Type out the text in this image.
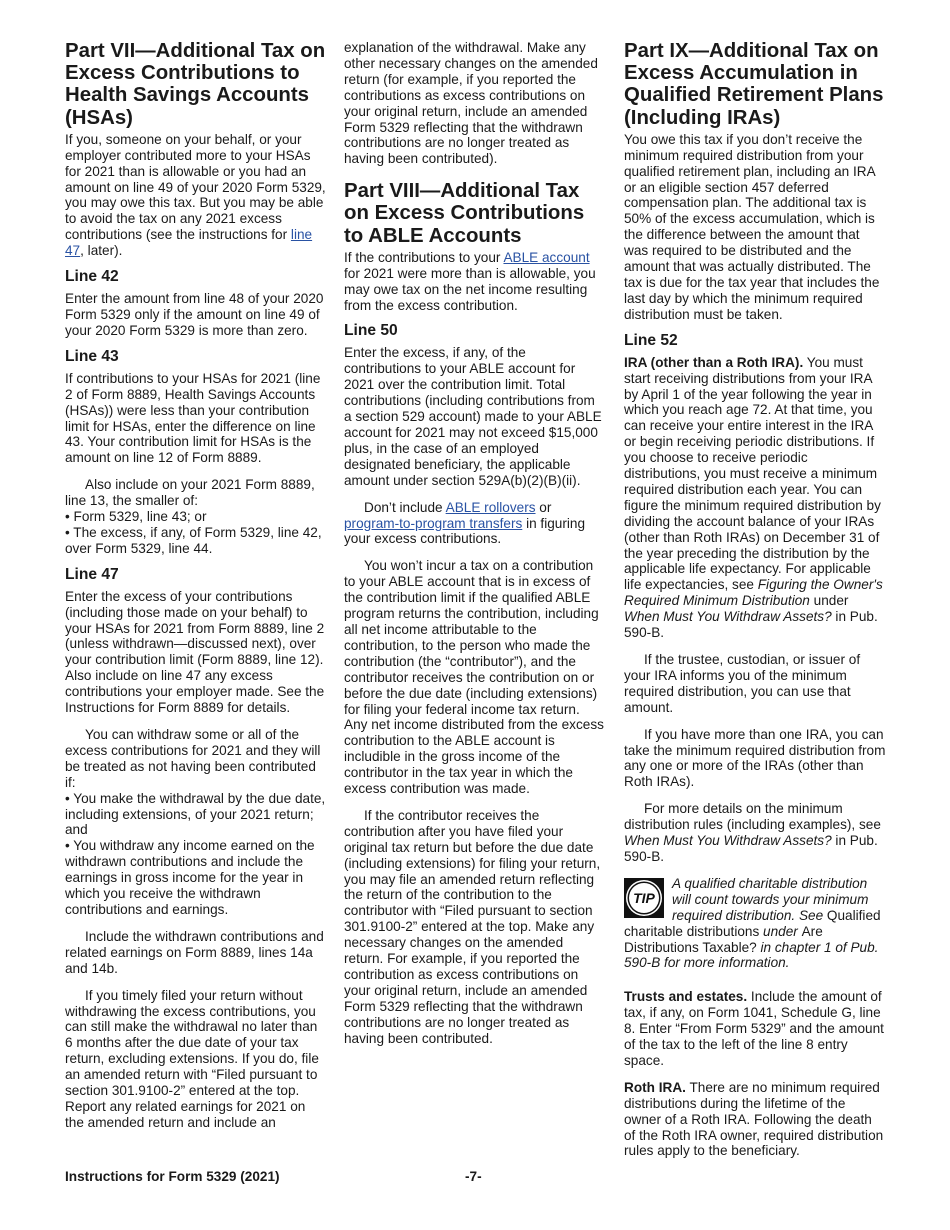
Part VII—Additional Tax on Excess Contributions to Health Savings Accounts (HSAs)

If you, someone on your behalf, or your employer contributed more to your HSAs for 2021 than is allowable or you had an amount on line 49 of your 2020 Form 5329, you may owe this tax. But you may be able to avoid the tax on any 2021 excess contributions (see the instructions for line 47, later).

Line 42

Enter the amount from line 48 of your 2020 Form 5329 only if the amount on line 49 of your 2020 Form 5329 is more than zero.

Line 43

If contributions to your HSAs for 2021 (line 2 of Form 8889, Health Savings Accounts (HSAs)) were less than your contribution limit for HSAs, enter the difference on line 43. Your contribution limit for HSAs is the amount on line 12 of Form 8889.

Also include on your 2021 Form 8889, line 13, the smaller of:

• Form 5329, line 43; or

• The excess, if any, of Form 5329, line 42, over Form 5329, line 44.

Line 47

Enter the excess of your contributions (including those made on your behalf) to your HSAs for 2021 from Form 8889, line 2 (unless withdrawn—discussed next), over your contribution limit (Form 8889, line 12). Also include on line 47 any excess contributions your employer made. See the Instructions for Form 8889 for details.

You can withdraw some or all of the excess contributions for 2021 and they will be treated as not having been contributed if:

• You make the withdrawal by the due date, including extensions, of your 2021 return; and

• You withdraw any income earned on the withdrawn contributions and include the earnings in gross income for the year in which you receive the withdrawn contributions and earnings.

Include the withdrawn contributions and related earnings on Form 8889, lines 14a and 14b.

If you timely filed your return without withdrawing the excess contributions, you can still make the withdrawal no later than 6 months after the due date of your tax return, excluding extensions. If you do, file an amended return with “Filed pursuant to section 301.9100-2” entered at the top. Report any related earnings for 2021 on the amended return and include an

explanation of the withdrawal. Make any other necessary changes on the amended return (for example, if you reported the contributions as excess contributions on your original return, include an amended Form 5329 reflecting that the withdrawn contributions are no longer treated as having been contributed).

Part VIII—Additional Tax on Excess Contributions to ABLE Accounts

If the contributions to your ABLE account for 2021 were more than is allowable, you may owe tax on the net income resulting from the excess contribution.

Line 50

Enter the excess, if any, of the contributions to your ABLE account for 2021 over the contribution limit. Total contributions (including contributions from a section 529 account) made to your ABLE account for 2021 may not exceed $15,000 plus, in the case of an employed designated beneficiary, the applicable amount under section 529A(b)(2)(B)(ii).

Don’t include ABLE rollovers or program-to-program transfers in figuring your excess contributions.

You won’t incur a tax on a contribution to your ABLE account that is in excess of the contribution limit if the qualified ABLE program returns the contribution, including all net income attributable to the contribution, to the person who made the contribution (the “contributor”), and the contributor receives the contribution on or before the due date (including extensions) for filing your federal income tax return. Any net income distributed from the excess contribution to the ABLE account is includible in the gross income of the contributor in the tax year in which the excess contribution was made.

If the contributor receives the contribution after you have filed your original tax return but before the due date (including extensions) for filing your return, you may file an amended return reflecting the return of the contribution to the contributor with “Filed pursuant to section 301.9100-2” entered at the top. Make any necessary changes on the amended return. For example, if you reported the contribution as excess contributions on your original return, include an amended Form 5329 reflecting that the withdrawn contributions are no longer treated as having been contributed.

Part IX—Additional Tax on Excess Accumulation in Qualified Retirement Plans (Including IRAs)

You owe this tax if you don’t receive the minimum required distribution from your qualified retirement plan, including an IRA or an eligible section 457 deferred compensation plan. The additional tax is 50% of the excess accumulation, which is the difference between the amount that was required to be distributed and the amount that was actually distributed. The tax is due for the tax year that includes the last day by which the minimum required distribution must be taken.

Line 52

IRA (other than a Roth IRA). You must start receiving distributions from your IRA by April 1 of the year following the year in which you reach age 72. At that time, you can receive your entire interest in the IRA or begin receiving periodic distributions. If you choose to receive periodic distributions, you must receive a minimum required distribution each year. You can figure the minimum required distribution by dividing the account balance of your IRAs (other than Roth IRAs) on December 31 of the year preceding the distribution by the applicable life expectancy. For applicable life expectancies, see Figuring the Owner's Required Minimum Distribution under When Must You Withdraw Assets? in Pub. 590-B.

If the trustee, custodian, or issuer of your IRA informs you of the minimum required distribution, you can use that amount.

If you have more than one IRA, you can take the minimum required distribution from any one or more of the IRAs (other than Roth IRAs).

For more details on the minimum distribution rules (including examples), see When Must You Withdraw Assets? in Pub. 590-B.

TIP
A qualified charitable distribution will count towards your minimum required distribution. See Qualified charitable distributions under Are Distributions Taxable? in chapter 1 of Pub. 590-B for more information.

Trusts and estates. Include the amount of tax, if any, on Form 1041, Schedule G, line 8. Enter “From Form 5329” and the amount of the tax to the left of the line 8 entry space.

Roth IRA. There are no minimum required distributions during the lifetime of the owner of a Roth IRA. Following the death of the Roth IRA owner, required distribution rules apply to the beneficiary.

Instructions for Form 5329 (2021)	-7-
